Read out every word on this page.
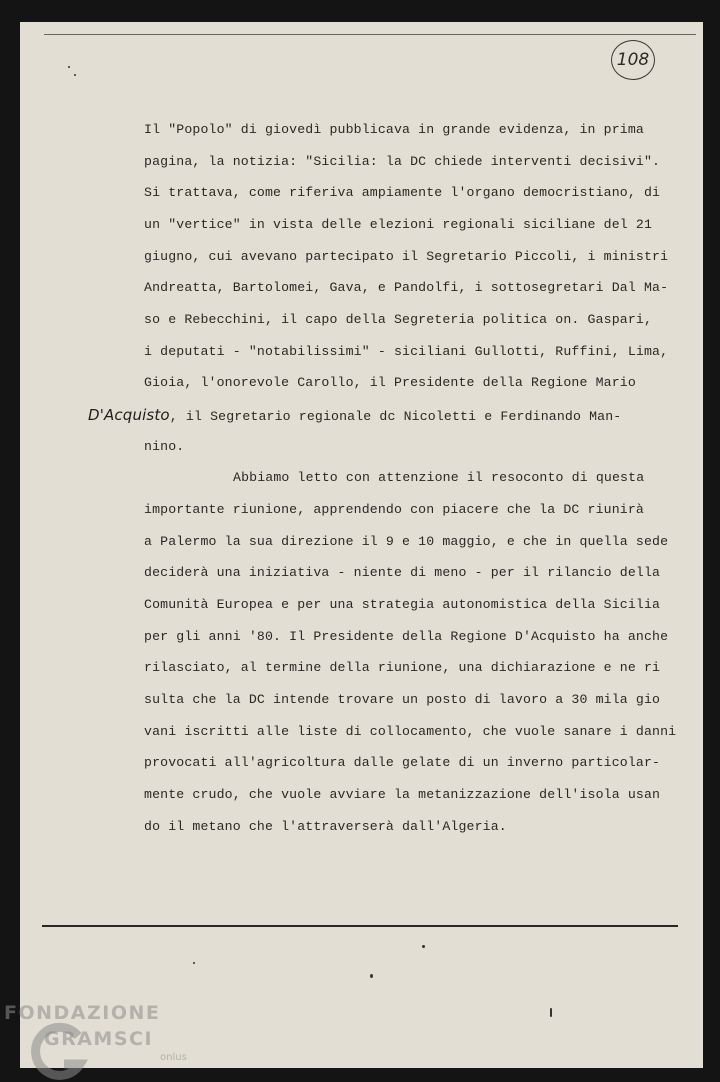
108
Il "Popolo" di giovedì pubblicava in grande evidenza, in prima
pagina, la notizia: "Sicilia: la DC chiede interventi decisivi".
Si trattava, come riferiva ampiamente l'organo democristiano, di
un "vertice" in vista delle elezioni regionali siciliane del 21
giugno, cui avevano partecipato il Segretario Piccoli, i ministri
Andreatta, Bartolomei, Gava, e Pandolfi, i sottosegretari Dal Ma-
so e Rebecchini, il capo della Segreteria politica on. Gaspari,
i deputati - "notabilissimi" - siciliani Gullotti, Ruffini, Lima,
Gioia, l'onorevole Carollo, il Presidente della Regione Mario
D'Acquisto, il Segretario regionale dc Nicoletti e Ferdinando Man-
nino.
Abbiamo letto con attenzione il resoconto di questa
importante riunione, apprendendo con piacere che la DC riunirà
a Palermo la sua direzione il 9 e 10 maggio, e che in quella sede
deciderà una iniziativa - niente di meno - per il rilancio della
Comunità Europea e per una strategia autonomistica della Sicilia
per gli anni '80. Il Presidente della Regione D'Acquisto ha anche
rilasciato, al termine della riunione, una dichiarazione e ne ri
sulta che la DC intende trovare un posto di lavoro a 30 mila gio
vani iscritti alle liste di collocamento, che vuole sanare i danni
provocati all'agricoltura dalle gelate di un inverno particolar-
mente crudo, che vuole avviare la metanizzazione dell'isola usan
do il metano che l'attraverserà dall'Algeria.
FONDAZIONE
GRAMSCI
onlus
